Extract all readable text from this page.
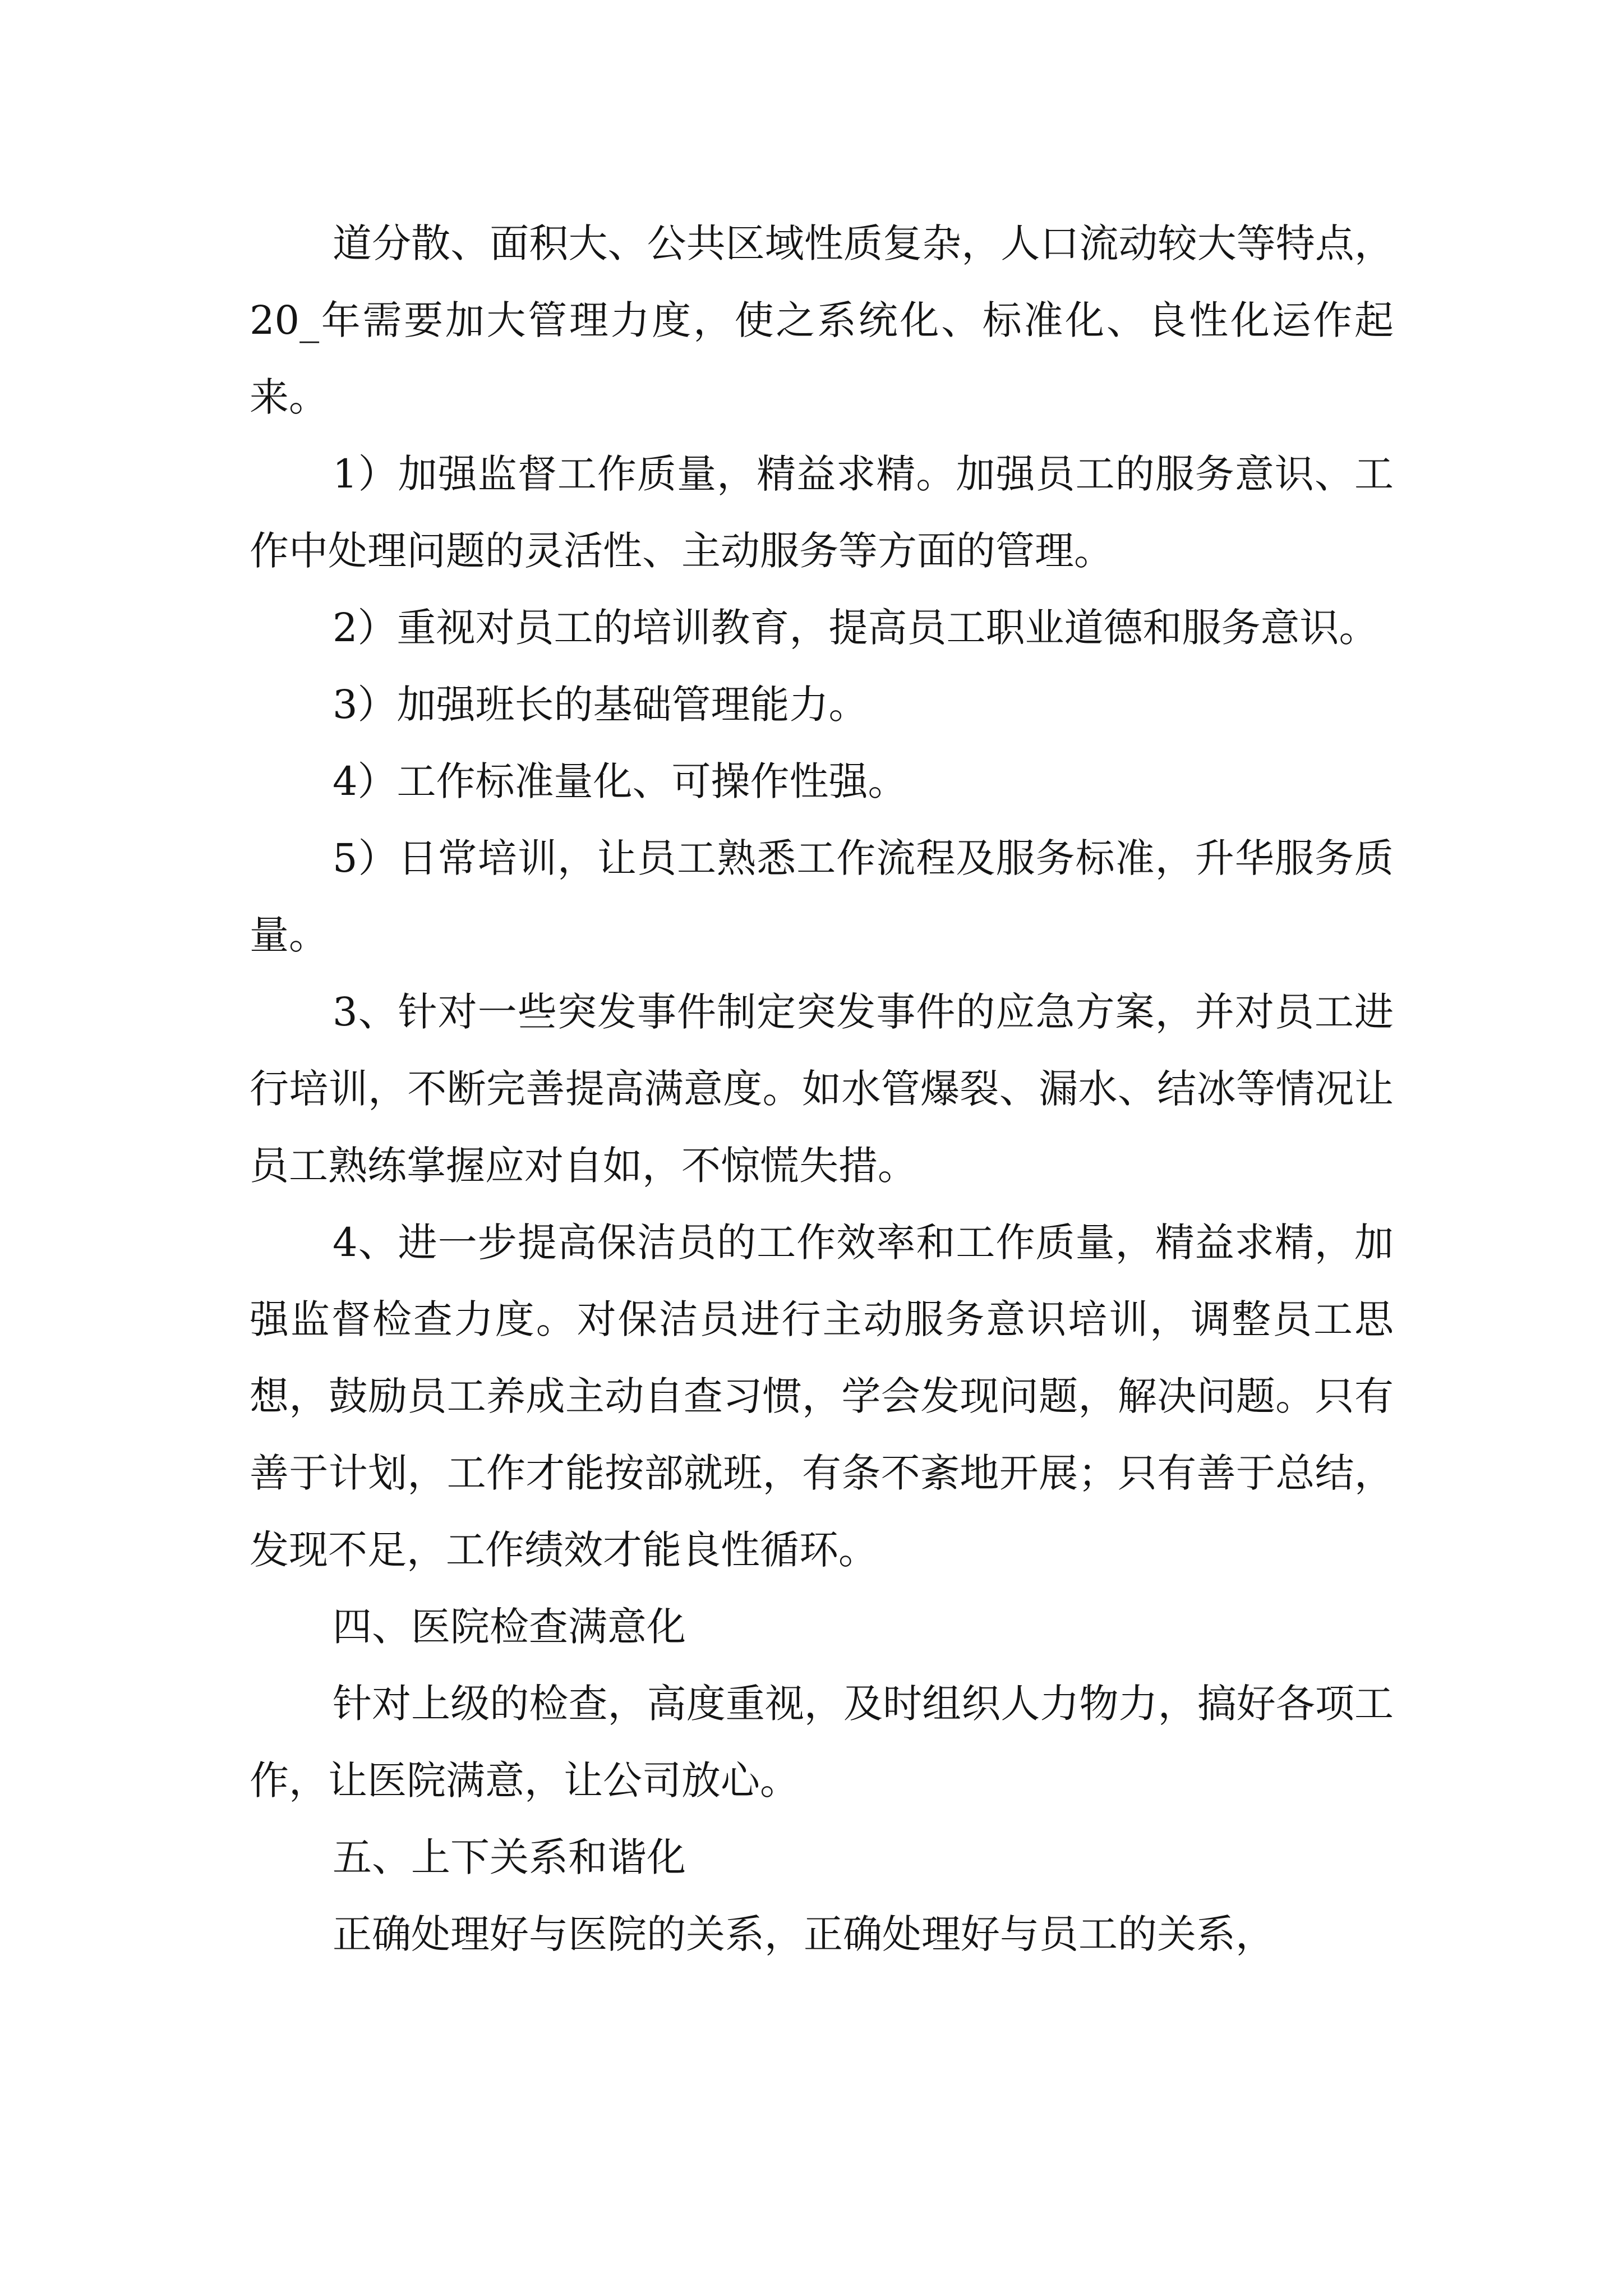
道分散、面积大、公共区域性质复杂，人口流动较大等特点，20_年需要加大管理力度，使之系统化、标准化、良性化运作起来。

1）加强监督工作质量，精益求精。加强员工的服务意识、工作中处理问题的灵活性、主动服务等方面的管理。

2）重视对员工的培训教育，提高员工职业道德和服务意识。

3）加强班长的基础管理能力。

4）工作标准量化、可操作性强。

5）日常培训，让员工熟悉工作流程及服务标准，升华服务质量。

3、针对一些突发事件制定突发事件的应急方案，并对员工进行培训，不断完善提高满意度。如水管爆裂、漏水、结冰等情况让员工熟练掌握应对自如，不惊慌失措。

4、进一步提高保洁员的工作效率和工作质量，精益求精，加强监督检查力度。对保洁员进行主动服务意识培训，调整员工思想，鼓励员工养成主动自查习惯，学会发现问题，解决问题。只有善于计划，工作才能按部就班，有条不紊地开展；只有善于总结，发现不足，工作绩效才能良性循环。

四、医院检查满意化

针对上级的检查，高度重视，及时组织人力物力，搞好各项工作，让医院满意，让公司放心。

五、上下关系和谐化

正确处理好与医院的关系，正确处理好与员工的关系，
